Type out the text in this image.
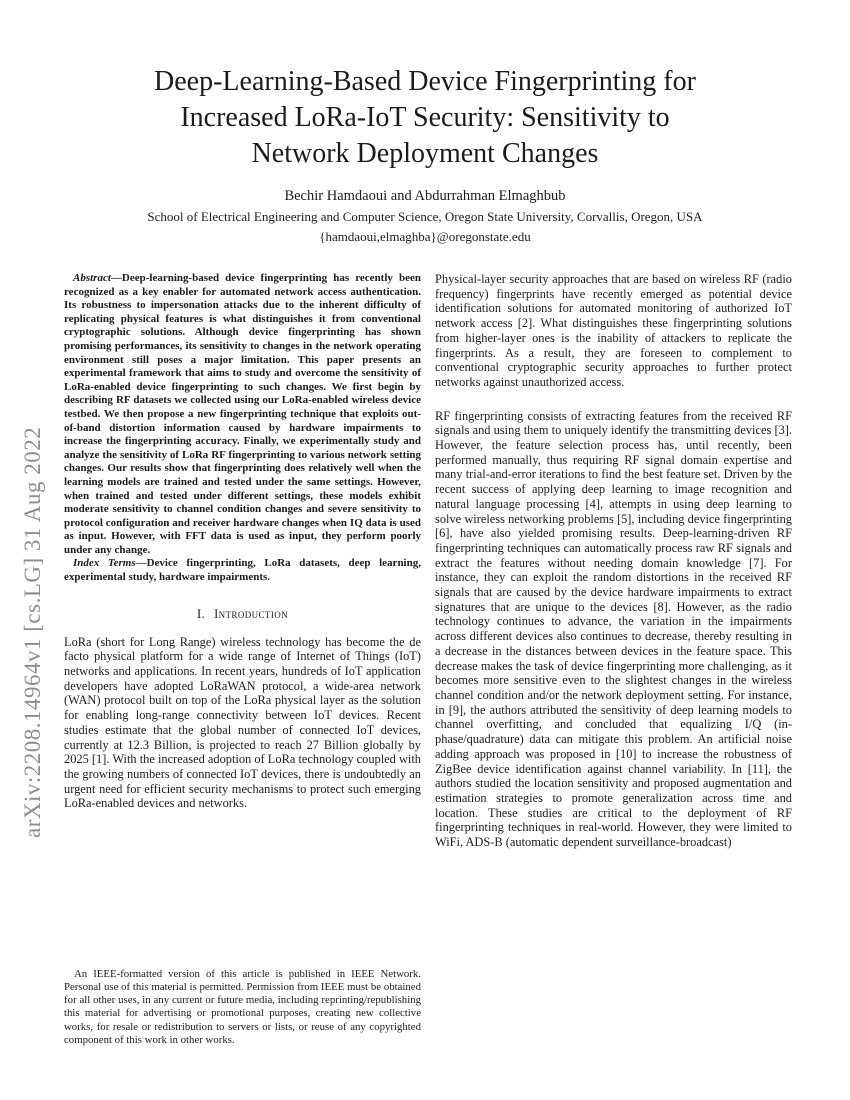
arXiv:2208.14964v1 [cs.LG] 31 Aug 2022
Deep-Learning-Based Device Fingerprinting for
Increased LoRa-IoT Security: Sensitivity to
Network Deployment Changes
Bechir Hamdaoui and Abdurrahman Elmaghbub
School of Electrical Engineering and Computer Science, Oregon State University, Corvallis, Oregon, USA
{hamdaoui,elmaghba}@oregonstate.edu

Abstract—Deep-learning-based device fingerprinting has recently been recognized as a key enabler for automated network access authentication. Its robustness to impersonation attacks due to the inherent difficulty of replicating physical features is what distinguishes it from conventional cryptographic solutions. Although device fingerprinting has shown promising performances, its sensitivity to changes in the network operating environment still poses a major limitation. This paper presents an experimental framework that aims to study and overcome the sensitivity of LoRa-enabled device fingerprinting to such changes. We first begin by describing RF datasets we collected using our LoRa-enabled wireless device testbed. We then propose a new fingerprinting technique that exploits out-of-band distortion information caused by hardware impairments to increase the fingerprinting accuracy. Finally, we experimentally study and analyze the sensitivity of LoRa RF fingerprinting to various network setting changes. Our results show that fingerprinting does relatively well when the learning models are trained and tested under the same settings. However, when trained and tested under different settings, these models exhibit moderate sensitivity to channel condition changes and severe sensitivity to protocol configuration and receiver hardware changes when IQ data is used as input. However, with FFT data is used as input, they perform poorly under any change.

Index Terms—Device fingerprinting, LoRa datasets, deep learning, experimental study, hardware impairments.

I. Introduction

LoRa (short for Long Range) wireless technology has become the de facto physical platform for a wide range of Internet of Things (IoT) networks and applications. In recent years, hundreds of IoT application developers have adopted LoRaWAN protocol, a wide-area network (WAN) protocol built on top of the LoRa physical layer as the solution for enabling long-range connectivity between IoT devices. Recent studies estimate that the global number of connected IoT devices, currently at 12.3 Billion, is projected to reach 27 Billion globally by 2025 [1]. With the increased adoption of LoRa technology coupled with the growing numbers of connected IoT devices, there is undoubtedly an urgent need for efficient security mechanisms to protect such emerging LoRa-enabled devices and networks.

An IEEE-formatted version of this article is published in IEEE Network. Personal use of this material is permitted. Permission from IEEE must be obtained for all other uses, in any current or future media, including reprinting/republishing this material for advertising or promotional purposes, creating new collective works, for resale or redistribution to servers or lists, or reuse of any copyrighted component of this work in other works.

Physical-layer security approaches that are based on wireless RF (radio frequency) fingerprints have recently emerged as potential device identification solutions for automated monitoring of authorized IoT network access [2]. What distinguishes these fingerprinting solutions from higher-layer ones is the inability of attackers to replicate the fingerprints. As a result, they are foreseen to complement to conventional cryptographic security approaches to further protect networks against unauthorized access.

RF fingerprinting consists of extracting features from the received RF signals and using them to uniquely identify the transmitting devices [3]. However, the feature selection process has, until recently, been performed manually, thus requiring RF signal domain expertise and many trial-and-error iterations to find the best feature set. Driven by the recent success of applying deep learning to image recognition and natural language processing [4], attempts in using deep learning to solve wireless networking problems [5], including device fingerprinting [6], have also yielded promising results. Deep-learning-driven RF fingerprinting techniques can automatically process raw RF signals and extract the features without needing domain knowledge [7]. For instance, they can exploit the random distortions in the received RF signals that are caused by the device hardware impairments to extract signatures that are unique to the devices [8]. However, as the radio technology continues to advance, the variation in the impairments across different devices also continues to decrease, thereby resulting in a decrease in the distances between devices in the feature space. This decrease makes the task of device fingerprinting more challenging, as it becomes more sensitive even to the slightest changes in the wireless channel condition and/or the network deployment setting. For instance, in [9], the authors attributed the sensitivity of deep learning models to channel overfitting, and concluded that equalizing I/Q (in-phase/quadrature) data can mitigate this problem. An artificial noise adding approach was proposed in [10] to increase the robustness of ZigBee device identification against channel variability. In [11], the authors studied the location sensitivity and proposed augmentation and estimation strategies to promote generalization across time and location. These studies are critical to the deployment of RF fingerprinting techniques in real-world. However, they were limited to WiFi, ADS-B (automatic dependent surveillance-broadcast)
